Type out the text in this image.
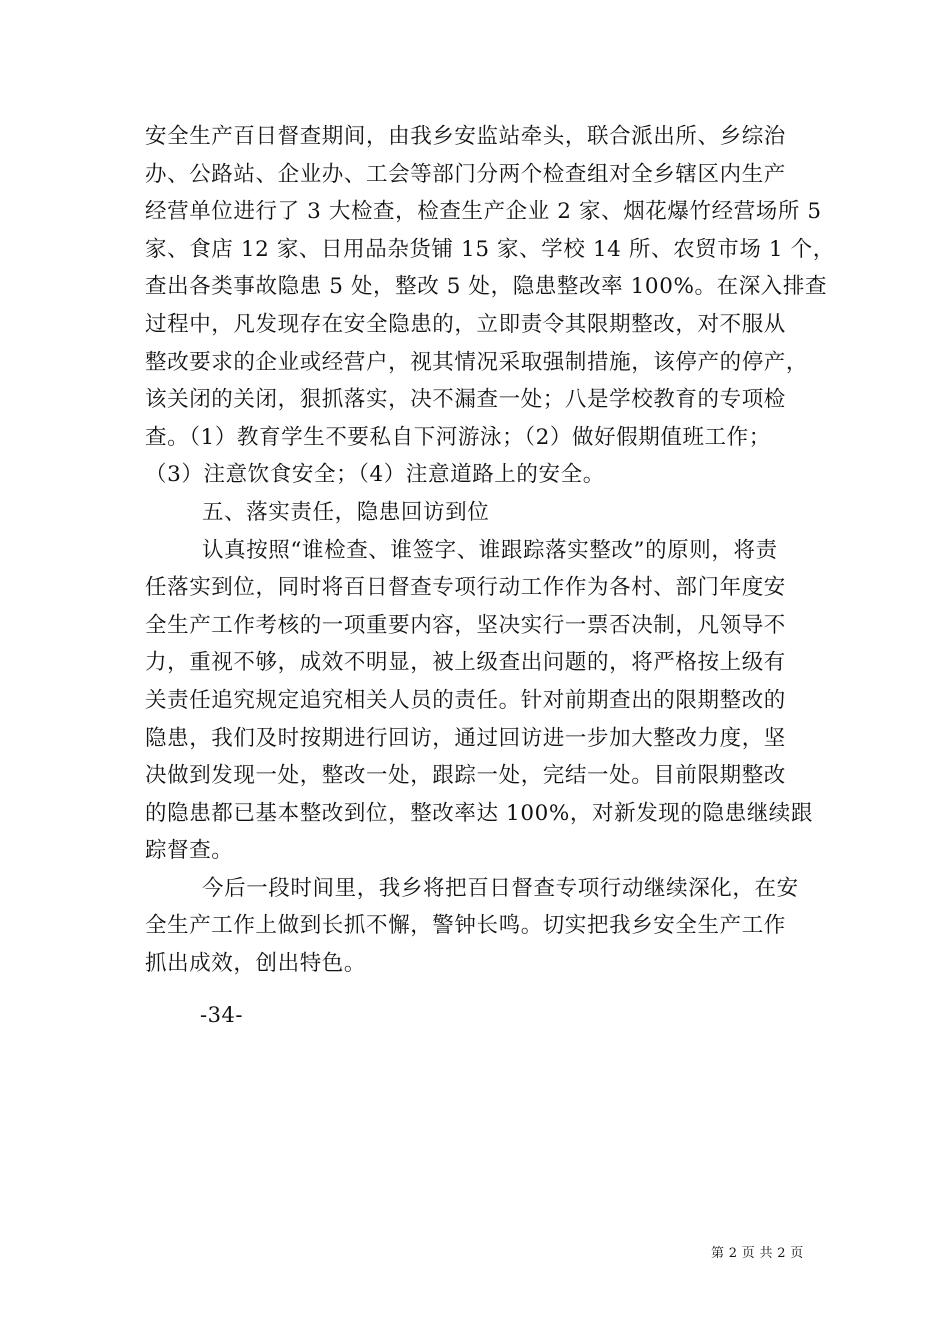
安全生产百日督查期间，由我乡安监站牵头，联合派出所、乡综治
办、公路站、企业办、工会等部门分两个检查组对全乡辖区内生产
经营单位进行了 3 大检查，检查生产企业 2 家、烟花爆竹经营场所 5
家、食店 12 家、日用品杂货铺 15 家、学校 14 所、农贸市场 1 个，
查出各类事故隐患 5 处，整改 5 处，隐患整改率 100%。在深入排查
过程中，凡发现存在安全隐患的，立即责令其限期整改，对不服从
整改要求的企业或经营户，视其情况采取强制措施，该停产的停产，
该关闭的关闭，狠抓落实，决不漏查一处；八是学校教育的专项检
查。（1）教育学生不要私自下河游泳；（2）做好假期值班工作；
（3）注意饮食安全；（4）注意道路上的安全。
五、落实责任，隐患回访到位
认真按照“谁检查、谁签字、谁跟踪落实整改”的原则，将责
任落实到位，同时将百日督查专项行动工作作为各村、部门年度安
全生产工作考核的一项重要内容，坚决实行一票否决制，凡领导不
力，重视不够，成效不明显，被上级查出问题的，将严格按上级有
关责任追究规定追究相关人员的责任。针对前期查出的限期整改的
隐患，我们及时按期进行回访，通过回访进一步加大整改力度，坚
决做到发现一处，整改一处，跟踪一处，完结一处。目前限期整改
的隐患都已基本整改到位，整改率达 100%，对新发现的隐患继续跟
踪督查。
今后一段时间里，我乡将把百日督查专项行动继续深化，在安
全生产工作上做到长抓不懈，警钟长鸣。切实把我乡安全生产工作
抓出成效，创出特色。
-34-
第 2 页 共 2 页
